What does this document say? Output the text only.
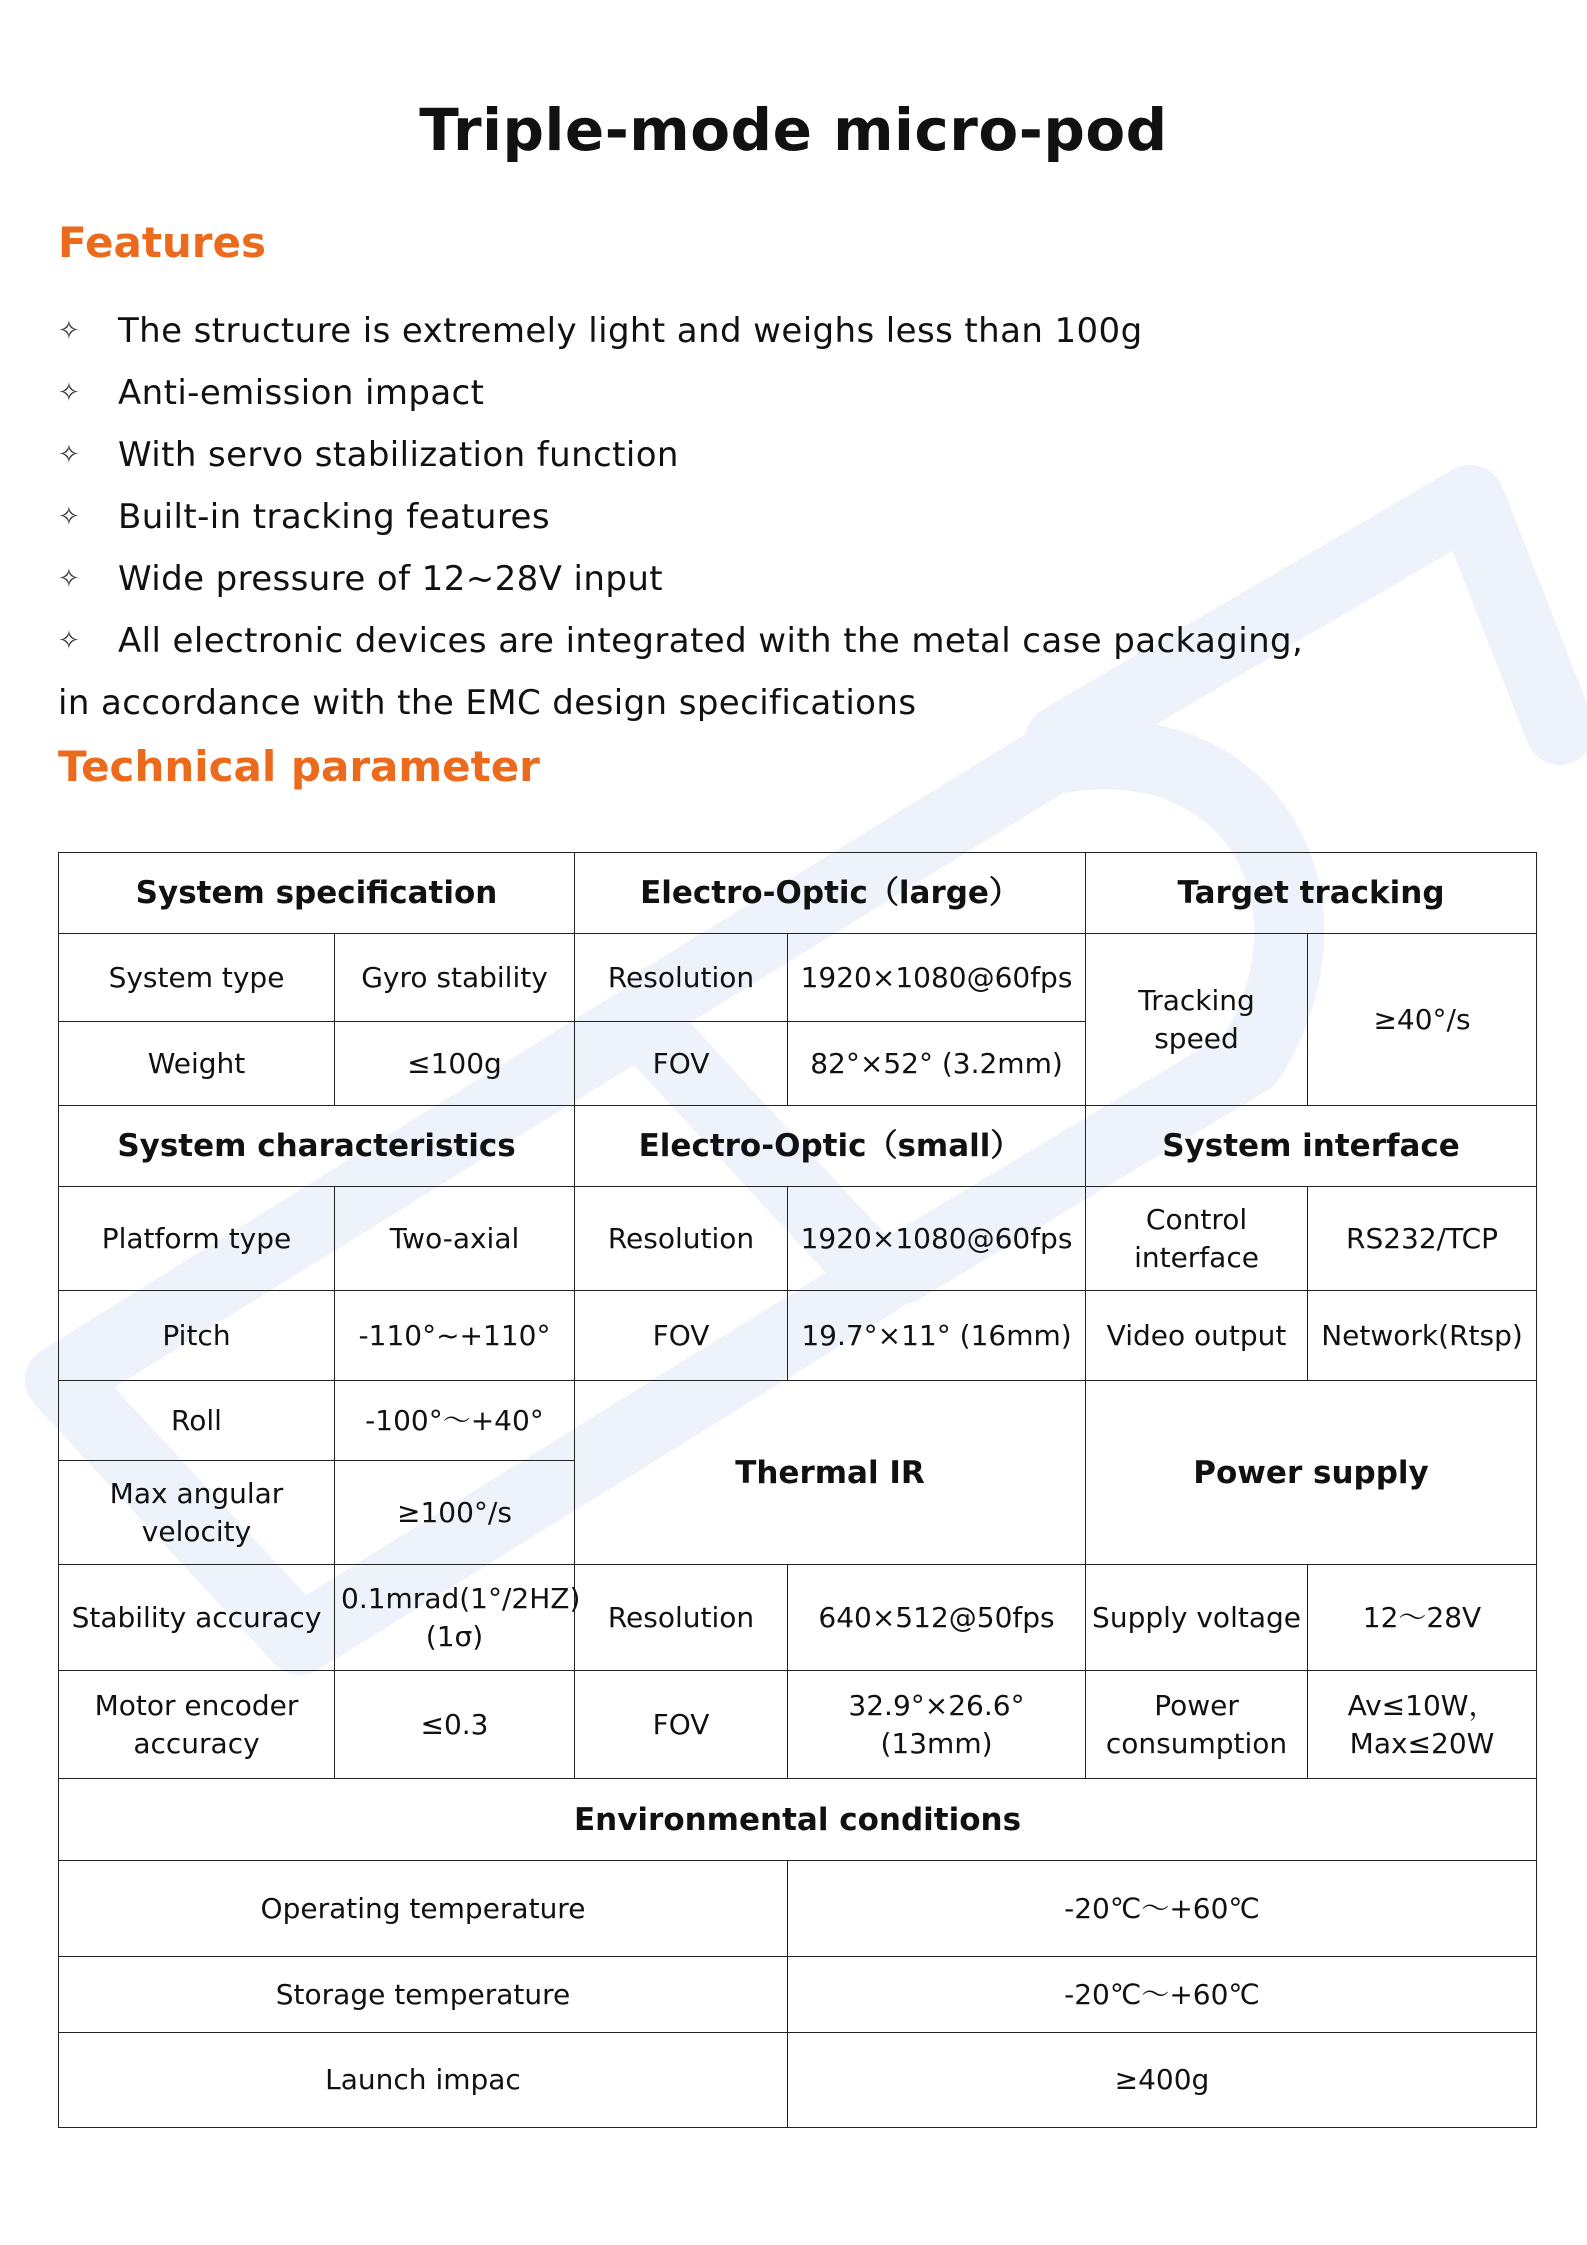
Triple-mode micro-pod
Features
✧ The structure is extremely light and weighs less than 100g
✧ Anti-emission impact
✧ With servo stabilization function
✧ Built-in tracking features
✧ Wide pressure of 12~28V input
✧ All electronic devices are integrated with the metal case packaging,
in accordance with the EMC design specifications
Technical parameter
System specification		Electro-Optic（large）		Target tracking	
System type	Gyro stability	Resolution	1920×1080@60fps	Tracking speed	≥40°/s
Weight	≤100g	FOV	82°×52° (3.2mm)		
System characteristics		Electro-Optic（small）		System interface	
Platform type	Two-axial	Resolution	1920×1080@60fps	Control interface	RS232/TCP
Pitch	-110°~+110°	FOV	19.7°×11° (16mm)	Video output	Network(Rtsp)
Roll	-100°～+40°	Thermal IR		Power supply	
Max angular velocity	≥100°/s				
Stability accuracy	0.1mrad(1°/2HZ)(1σ)	Resolution	640×512@50fps	Supply voltage	12～28V
Motor encoder accuracy	≤0.3	FOV	32.9°×26.6° (13mm)	Power consumption	Av≤10W，Max≤20W
Environmental conditions					
Operating temperature			-20℃～+60℃		
Storage temperature			-20℃～+60℃		
Launch impac			≥400g		
